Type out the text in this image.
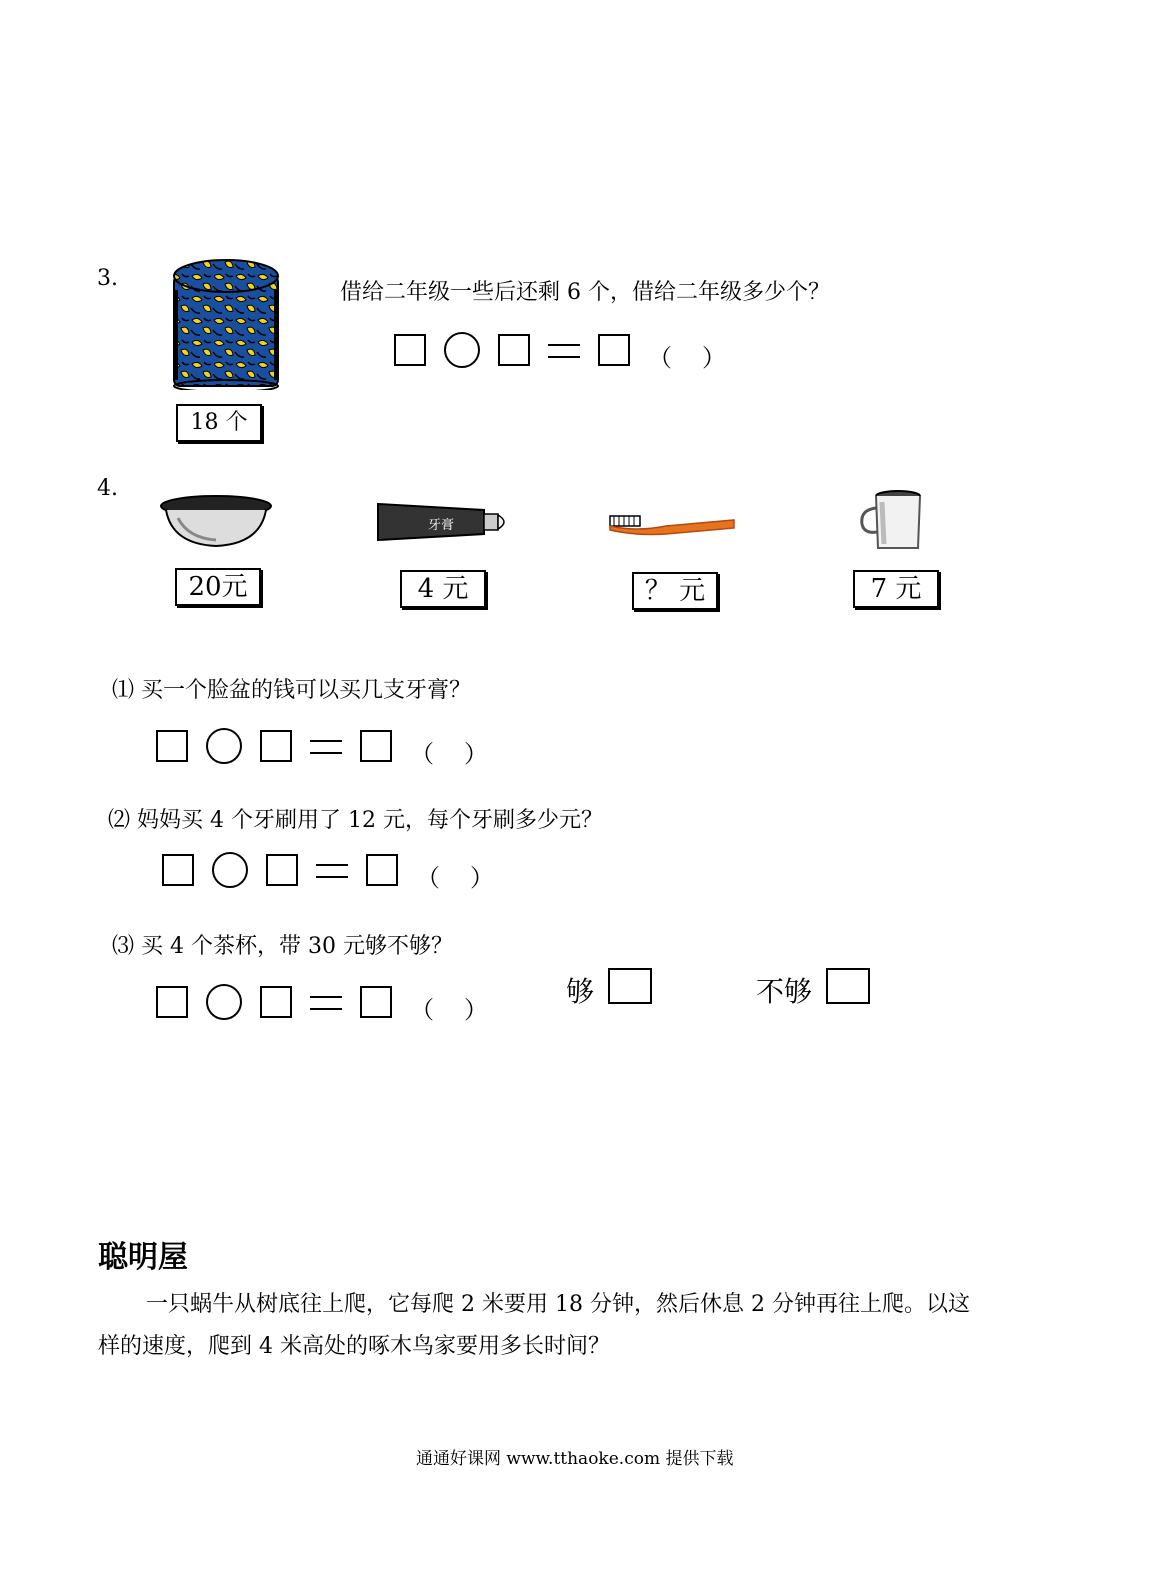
3.
18 个
借给二年级一些后还剩 6 个，借给二年级多少个？
（ ）
4.
20元
牙膏
4 元	？ 元	7 元
⑴ 买一个脸盆的钱可以买几支牙膏？
（ ）
⑵ 妈妈买 4 个牙刷用了 12 元，每个牙刷多少元？
（ ）
⑶ 买 4 个茶杯，带 30 元够不够？
（ ）
够	不够
聪明屋
一只蜗牛从树底往上爬，它每爬 2 米要用 18 分钟，然后休息 2 分钟再往上爬。以这
样的速度，爬到 4 米高处的啄木鸟家要用多长时间？
通通好课网 www.tthaoke.com 提供下载
